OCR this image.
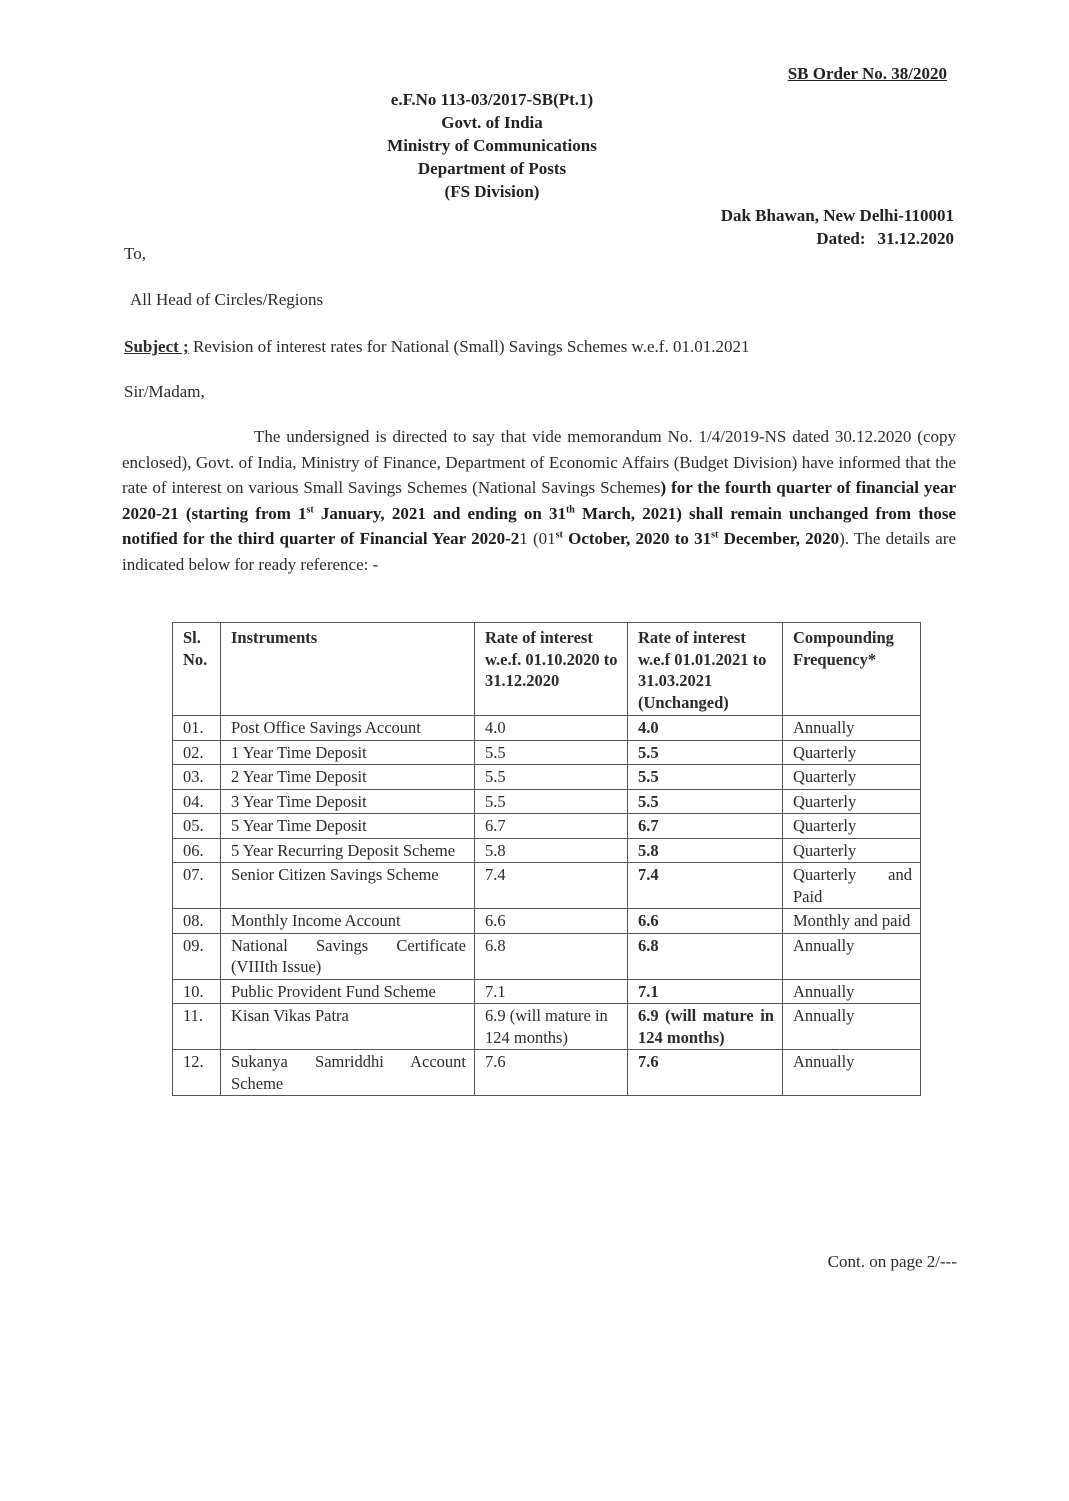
SB Order No. 38/2020
e.F.No 113-03/2017-SB(Pt.1)
Govt. of India
Ministry of Communications
Department of Posts
(FS Division)
Dak Bhawan, New Delhi-110001
Dated: 31.12.2020
To,
All Head of Circles/Regions
Subject ; Revision of interest rates for National (Small) Savings Schemes w.e.f. 01.01.2021
Sir/Madam,
The undersigned is directed to say that vide memorandum No. 1/4/2019-NS dated 30.12.2020 (copy enclosed), Govt. of India, Ministry of Finance, Department of Economic Affairs (Budget Division) have informed that the rate of interest on various Small Savings Schemes (National Savings Schemes) for the fourth quarter of financial year 2020-21 (starting from 1st January, 2021 and ending on 31th March, 2021) shall remain unchanged from those notified for the third quarter of Financial Year 2020-21 (01st October, 2020 to 31st December, 2020). The details are indicated below for ready reference: -
Sl. No.	Instruments	Rate of interest w.e.f. 01.10.2020 to 31.12.2020	Rate of interest w.e.f 01.01.2021 to 31.03.2021 (Unchanged)	Compounding Frequency*
01.	Post Office Savings Account	4.0	4.0	Annually
02.	1 Year Time Deposit	5.5	5.5	Quarterly
03.	2 Year Time Deposit	5.5	5.5	Quarterly
04.	3 Year Time Deposit	5.5	5.5	Quarterly
05.	5 Year Time Deposit	6.7	6.7	Quarterly
06.	5 Year Recurring Deposit Scheme	5.8	5.8	Quarterly
07.	Senior Citizen Savings Scheme	7.4	7.4	Quarterly and Paid
08.	Monthly Income Account	6.6	6.6	Monthly and paid
09.	National Savings Certificate (VIIIth Issue)	6.8	6.8	Annually
10.	Public Provident Fund Scheme	7.1	7.1	Annually
11.	Kisan Vikas Patra	6.9 (will mature in 124 months)	6.9 (will mature in 124 months)	Annually
12.	Sukanya Samriddhi Account Scheme	7.6	7.6	Annually
Cont. on page 2/---
